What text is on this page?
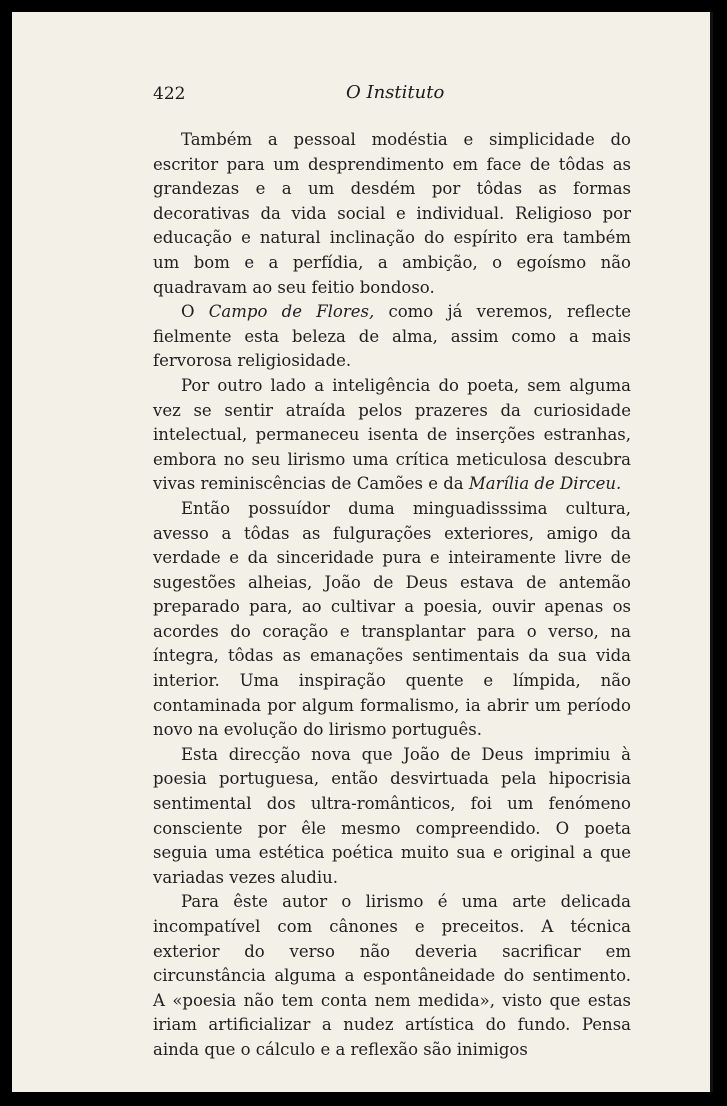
422	O Instituto

Também a pessoal modéstia e simplicidade do escritor para um desprendimento em face de tôdas as grandezas e a um desdém por tôdas as formas decorativas da vida social e individual. Religioso por educação e natural inclinação do espírito era também um bom e a perfídia, a ambição, o egoísmo não quadravam ao seu feitio bondoso.

O Campo de Flores, como já veremos, reflecte fielmente esta beleza de alma, assim como a mais fervorosa religiosidade.

Por outro lado a inteligência do poeta, sem alguma vez se sentir atraída pelos prazeres da curiosidade intelectual, permaneceu isenta de inserções estranhas, embora no seu lirismo uma crítica meticulosa descubra vivas reminiscências de Camões e da Marília de Dirceu.

Então possuídor duma minguadisssima cultura, avesso a tôdas as fulgurações exteriores, amigo da verdade e da sinceridade pura e inteiramente livre de sugestões alheias, João de Deus estava de antemão preparado para, ao cultivar a poesia, ouvir apenas os acordes do coração e transplantar para o verso, na íntegra, tôdas as emanações sentimentais da sua vida interior. Uma inspiração quente e límpida, não contaminada por algum formalismo, ia abrir um período novo na evolução do lirismo português.

Esta direcção nova que João de Deus imprimiu à poesia portuguesa, então desvirtuada pela hipocrisia sentimental dos ultra-românticos, foi um fenómeno consciente por êle mesmo compreendido. O poeta seguia uma estética poética muito sua e original a que variadas vezes aludiu.

Para êste autor o lirismo é uma arte delicada incompatível com cânones e preceitos. A técnica exterior do verso não deveria sacrificar em circunstância alguma a espontâneidade do sentimento. A «poesia não tem conta nem medida», visto que estas iriam artificializar a nudez artística do fundo. Pensa ainda que o cálculo e a reflexão são inimigos
